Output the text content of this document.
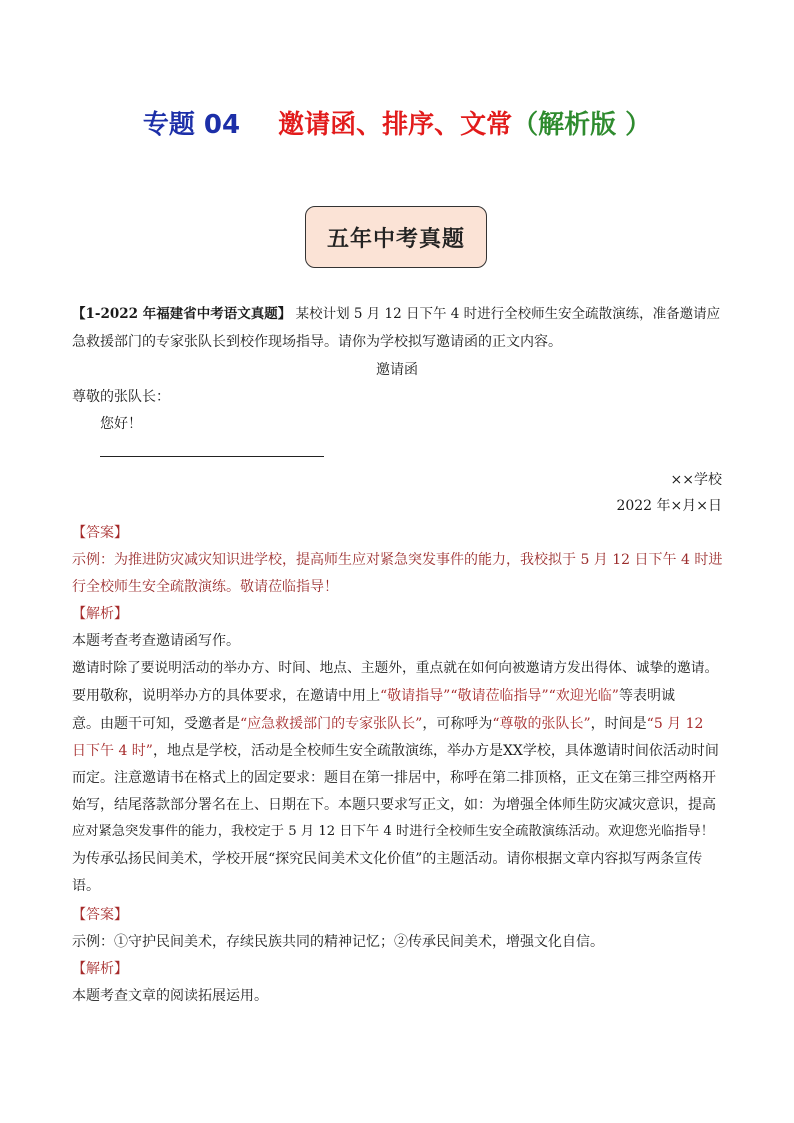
专题 04 邀请函、排序、文常（解析版 ）
五年中考真题
【1-2022 年福建省中考语文真题】 某校计划 5 月 12 日下午 4 时进行全校师生安全疏散演练，准备邀请应
急救援部门的专家张队长到校作现场指导。请你为学校拟写邀请函的正文内容。
邀请函
尊敬的张队长：
您好！
××学校
2022 年×月×日
【答案】
示例：为推进防灾减灾知识进学校，提高师生应对紧急突发事件的能力，我校拟于 5 月 12 日下午 4 时进
行全校师生安全疏散演练。敬请莅临指导！
【解析】
本题考查考查邀请函写作。
邀请时除了要说明活动的举办方、时间、地点、主题外，重点就在如何向被邀请方发出得体、诚挚的邀请。
要用敬称，说明举办方的具体要求，在邀请中用上“敬请指导”“敬请莅临指导”“欢迎光临”等表明诚
意。由题干可知，受邀者是“应急救援部门的专家张队长”，可称呼为“尊敬的张队长”，时间是“5 月 12
日下午 4 时”，地点是学校，活动是全校师生安全疏散演练，举办方是XX学校，具体邀请时间依活动时间
而定。注意邀请书在格式上的固定要求：题目在第一排居中，称呼在第二排顶格，正文在第三排空两格开
始写，结尾落款部分署名在上、日期在下。本题只要求写正文，如：为增强全体师生防灾减灾意识，提高
应对紧急突发事件的能力，我校定于 5 月 12 日下午 4 时进行全校师生安全疏散演练活动。欢迎您光临指导！
为传承弘扬民间美术，学校开展“探究民间美术文化价值”的主题活动。请你根据文章内容拟写两条宣传
语。
【答案】
示例：①守护民间美术，存续民族共同的精神记忆；②传承民间美术，增强文化自信。
【解析】
本题考查文章的阅读拓展运用。
